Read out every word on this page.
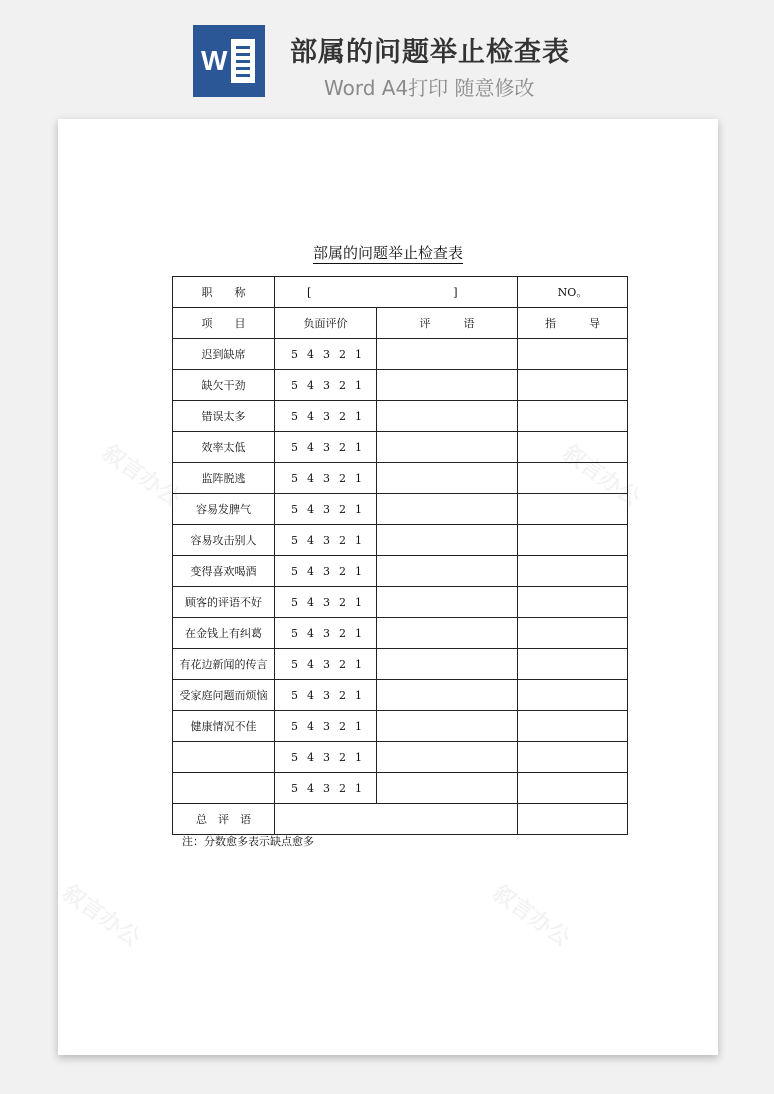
W 部属的问题举止检查表
Word A4打印 随意修改
叙言办公	叙言办公
叙言办公	叙言办公
部属的问题举止检查表
职　　称	[ ]		NO。
项　　目	负面评价	评　　　语	指　　　导
迟到缺席	5 4 3 2 1		

缺欠干劲	5 4 3 2 1		

错误太多	5 4 3 2 1		

效率太低	5 4 3 2 1		

监阵脱逃	5 4 3 2 1		

容易发脾气	5 4 3 2 1		

容易攻击别人	5 4 3 2 1		

变得喜欢喝酒	5 4 3 2 1		

顾客的评语不好	5 4 3 2 1		

在金钱上有纠葛	5 4 3 2 1		

有花边新闻的传言	5 4 3 2 1		

受家庭问题而烦恼	5 4 3 2 1		

健康情况不佳	5 4 3 2 1		

	5 4 3 2 1		

	5 4 3 2 1		

总　评　语			
注：分数愈多表示缺点愈多
